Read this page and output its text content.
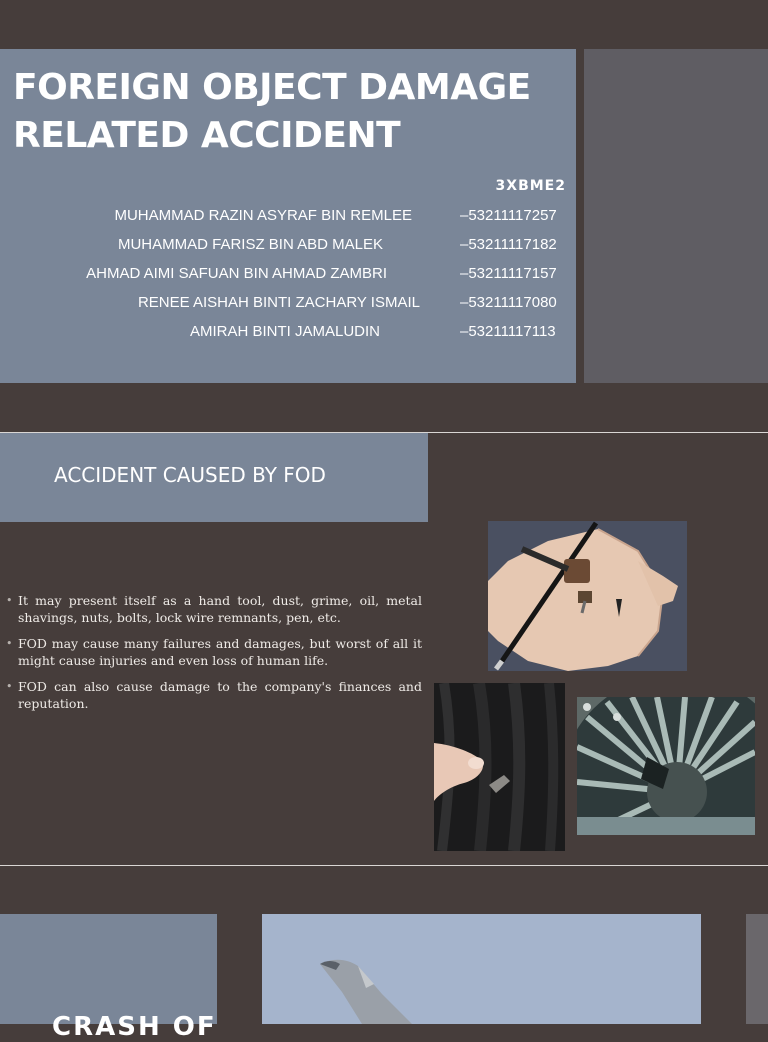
FOREIGN OBJECT DAMAGE
RELATED ACCIDENT
3XBME2
MUHAMMAD RAZIN ASYRAF BIN REMLEE	–53211117257
MUHAMMAD FARISZ BIN ABD MALEK	–53211117182
AHMAD AIMI SAFUAN BIN AHMAD ZAMBRI	–53211117157
RENEE AISHAH BINTI ZACHARY ISMAIL	–53211117080
AMIRAH BINTI JAMALUDIN	–53211117113
ACCIDENT CAUSED BY FOD
• It may present itself as a hand tool, dust, grime, oil, metal shavings, nuts, bolts, lock wire remnants, pen, etc.
• FOD may cause many failures and damages, but worst of all it might cause injuries and even loss of human life.
• FOD can also cause damage to the company's finances and reputation.
CRASH OF
